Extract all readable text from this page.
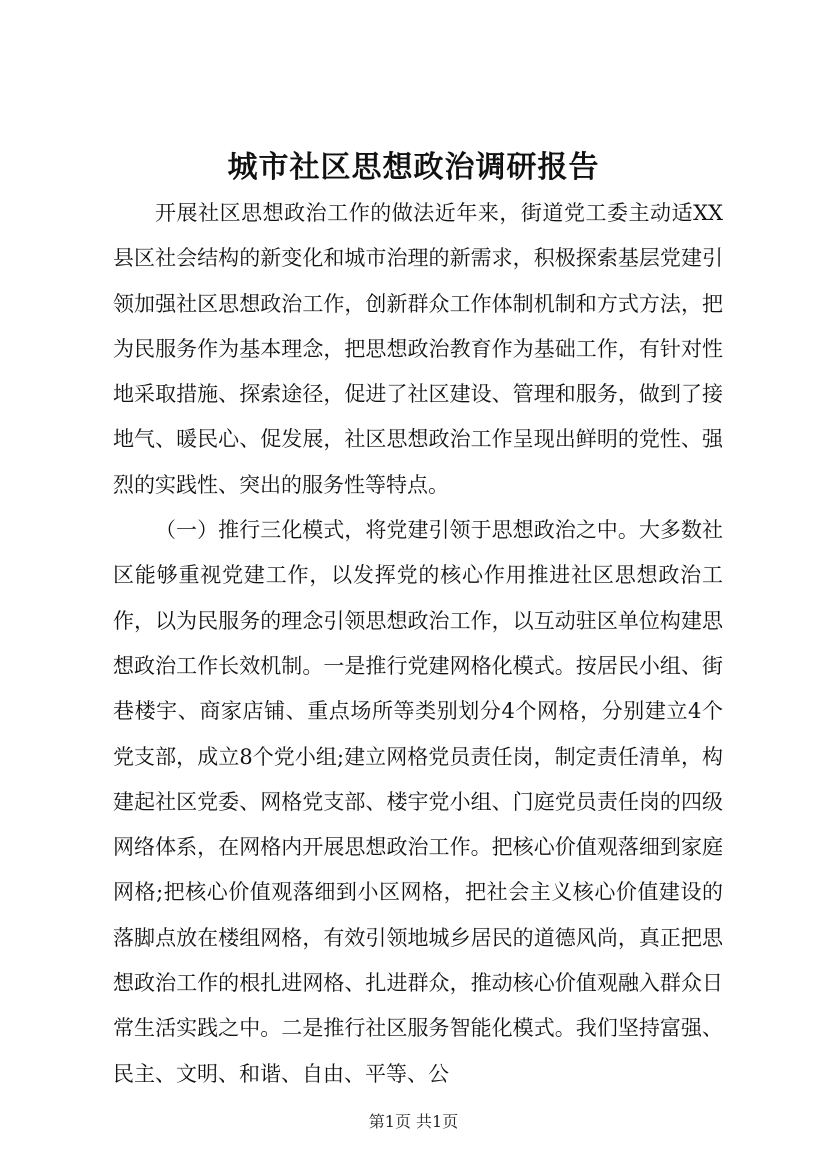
城市社区思想政治调研报告

开展社区思想政治工作的做法近年来，街道党工委主动适XX县区社会结构的新变化和城市治理的新需求，积极探索基层党建引领加强社区思想政治工作，创新群众工作体制机制和方式方法，把为民服务作为基本理念，把思想政治教育作为基础工作，有针对性地采取措施、探索途径，促进了社区建设、管理和服务，做到了接地气、暖民心、促发展，社区思想政治工作呈现出鲜明的党性、强烈的实践性、突出的服务性等特点。

（一）推行三化模式，将党建引领于思想政治之中。大多数社区能够重视党建工作，以发挥党的核心作用推进社区思想政治工作，以为民服务的理念引领思想政治工作，以互动驻区单位构建思想政治工作长效机制。一是推行党建网格化模式。按居民小组、街巷楼宇、商家店铺、重点场所等类别划分4个网格，分别建立4个党支部，成立8个党小组;建立网格党员责任岗，制定责任清单，构建起社区党委、网格党支部、楼宇党小组、门庭党员责任岗的四级网络体系，在网格内开展思想政治工作。把核心价值观落细到家庭网格;把核心价值观落细到小区网格，把社会主义核心价值建设的落脚点放在楼组网格，有效引领地城乡居民的道德风尚，真正把思想政治工作的根扎进网格、扎进群众，推动核心价值观融入群众日常生活实践之中。二是推行社区服务智能化模式。我们坚持富强、民主、文明、和谐、自由、平等、公

第1页 共1页
